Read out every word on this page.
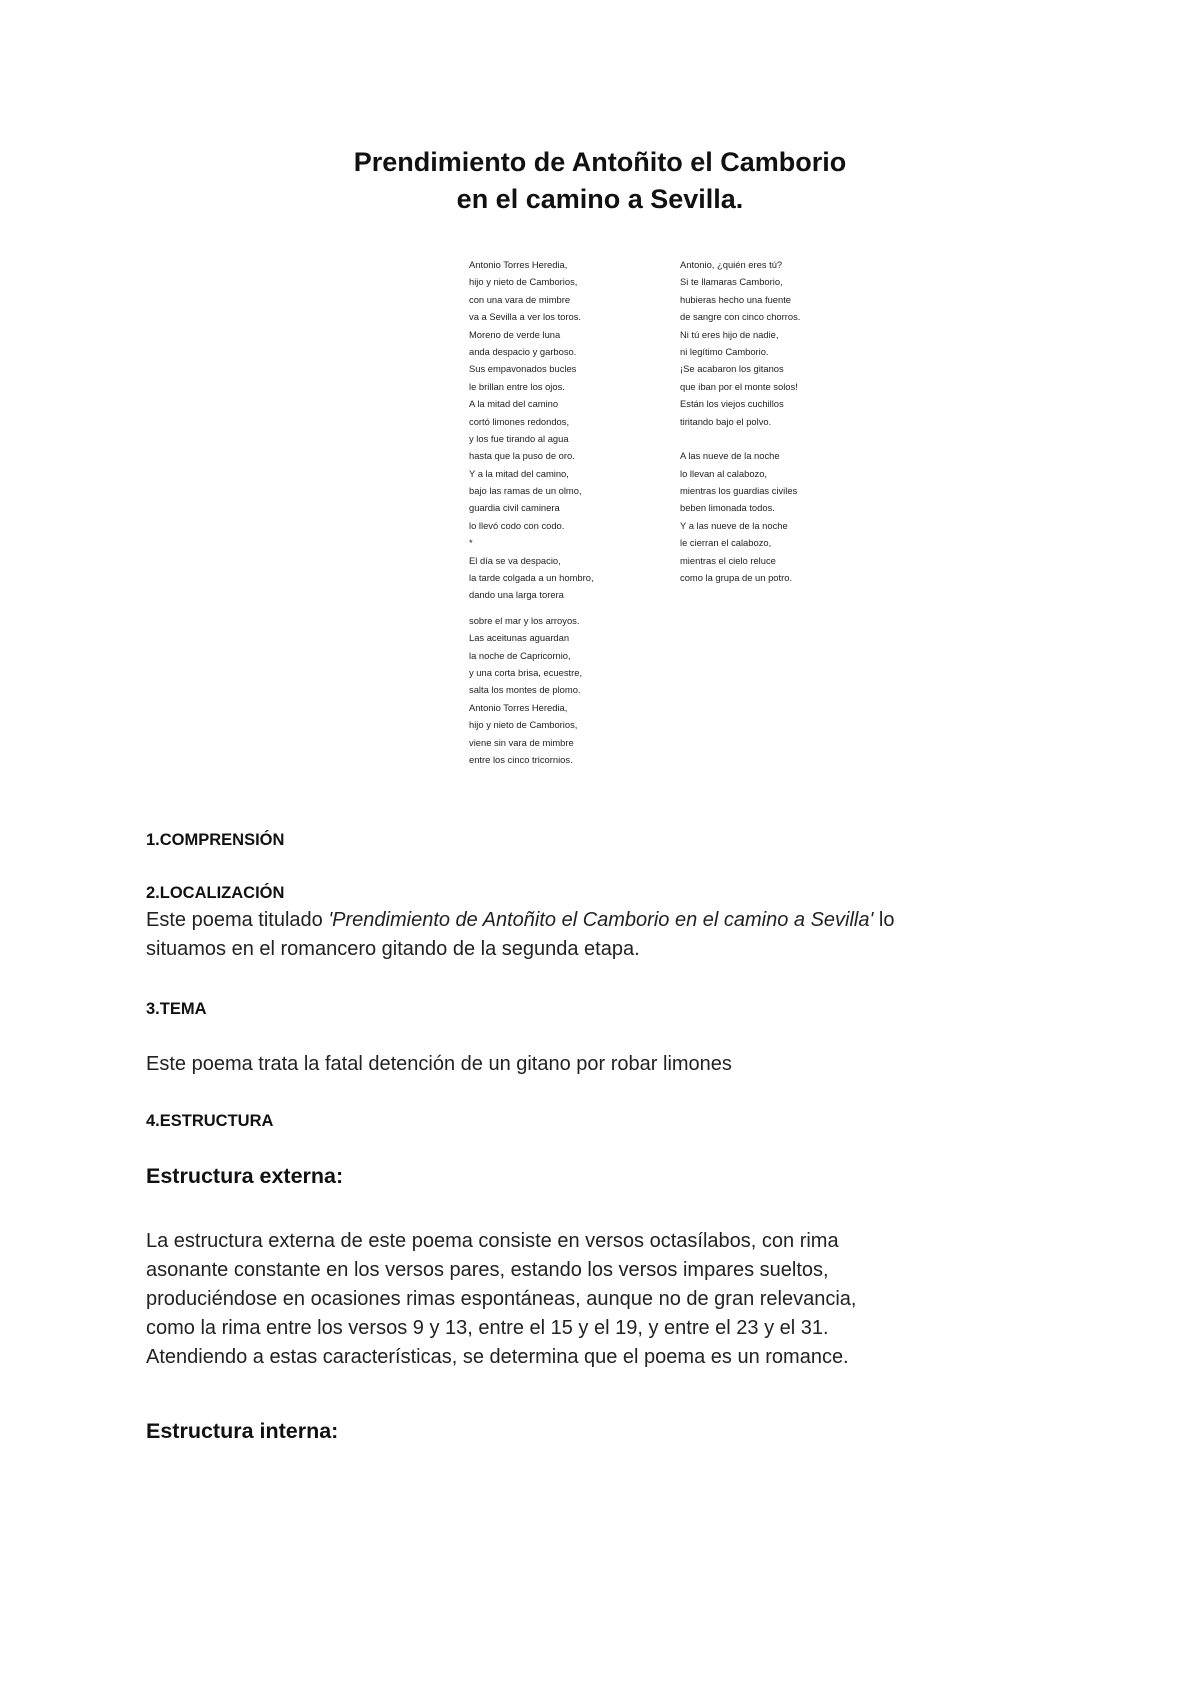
Prendimiento de Antoñito el Camborio
en el camino a Sevilla.
Antonio Torres Heredia,
hijo y nieto de Camborios,
con una vara de mimbre
va a Sevilla a ver los toros.
Moreno de verde luna
anda despacio y garboso.
Sus empavonados bucles
le brillan entre los ojos.
A la mitad del camino
cortó limones redondos,
y los fue tirando al agua
hasta que la puso de oro.
Y a la mitad del camino,
bajo las ramas de un olmo,
guardia civil caminera
lo llevó codo con codo.
*
El día se va despacio,
la tarde colgada a un hombro,
dando una larga torera
sobre el mar y los arroyos.
Las aceitunas aguardan
la noche de Capricornio,
y una corta brisa, ecuestre,
salta los montes de plomo.
Antonio Torres Heredia,
hijo y nieto de Camborios,
viene sin vara de mimbre
entre los cinco tricornios.
Antonio, ¿quién eres tú?
Si te llamaras Camborio,
hubieras hecho una fuente
de sangre con cinco chorros.
Ni tú eres hijo de nadie,
ni legítimo Camborio.
¡Se acabaron los gitanos
que iban por el monte solos!
Están los viejos cuchillos
tiritando bajo el polvo.
A las nueve de la noche
lo llevan al calabozo,
mientras los guardias civiles
beben limonada todos.
Y a las nueve de la noche
le cierran el calabozo,
mientras el cielo reluce
como la grupa de un potro.
1.COMPRENSIÓN
2.LOCALIZACIÓN
Este poema titulado 'Prendimiento de Antoñito el Camborio en el camino a Sevilla' lo
situamos en el romancero gitando de la segunda etapa.
3.TEMA
Este poema trata la fatal detención de un gitano por robar limones
4.ESTRUCTURA
Estructura externa:
La estructura externa de este poema consiste en versos octasílabos, con rima
asonante constante en los versos pares, estando los versos impares sueltos,
produciéndose en ocasiones rimas espontáneas, aunque no de gran relevancia,
como la rima entre los versos 9 y 13, entre el 15 y el 19, y entre el 23 y el 31.
Atendiendo a estas características, se determina que el poema es un romance.
Estructura interna:
